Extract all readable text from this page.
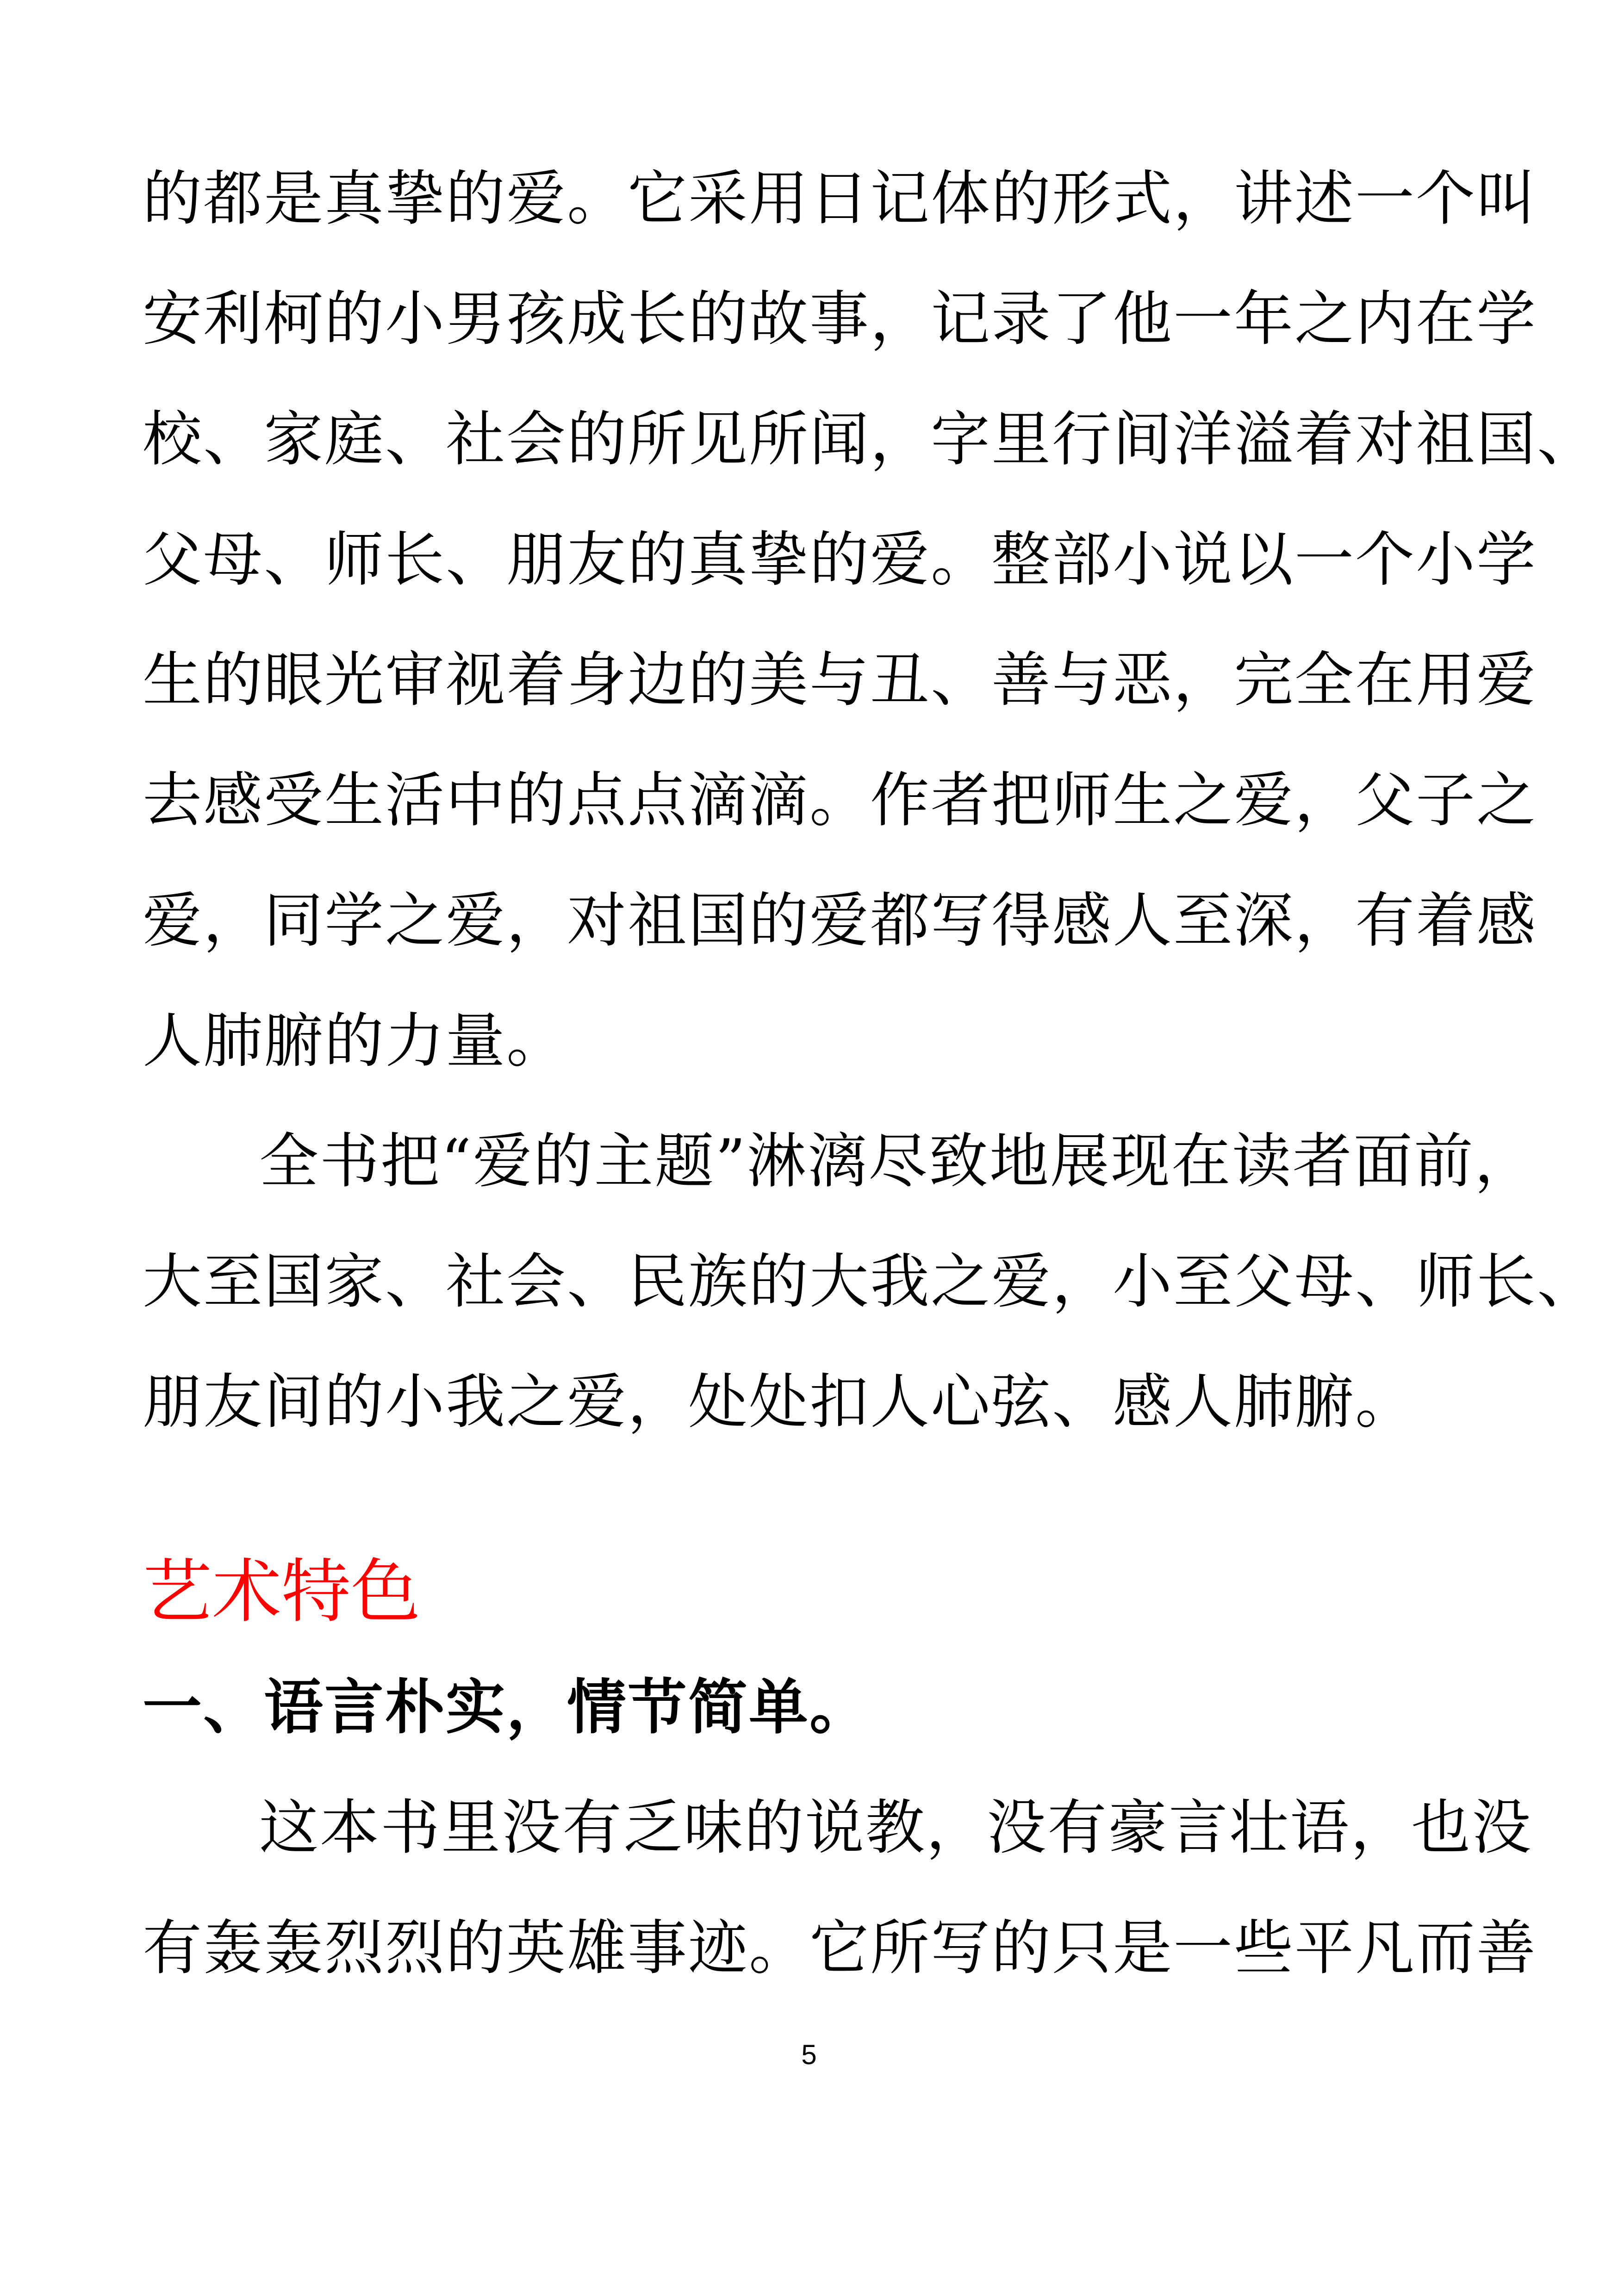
的都是真挚的爱。它采用日记体的形式，讲述一个叫
安利柯的小男孩成长的故事，记录了他一年之内在学
校、家庭、社会的所见所闻，字里行间洋溢着对祖国、
父母、师长、朋友的真挚的爱。整部小说以一个小学
生的眼光审视着身边的美与丑、善与恶，完全在用爱
去感受生活中的点点滴滴。作者把师生之爱，父子之
爱，同学之爱，对祖国的爱都写得感人至深，有着感
人肺腑的力量。
全书把“爱的主题”淋漓尽致地展现在读者面前，
大至国家、社会、民族的大我之爱，小至父母、师长、
朋友间的小我之爱，处处扣人心弦、感人肺腑。
艺术特色
一、语言朴实，情节简单。
这本书里没有乏味的说教，没有豪言壮语，也没
有轰轰烈烈的英雄事迹。它所写的只是一些平凡而善
5
